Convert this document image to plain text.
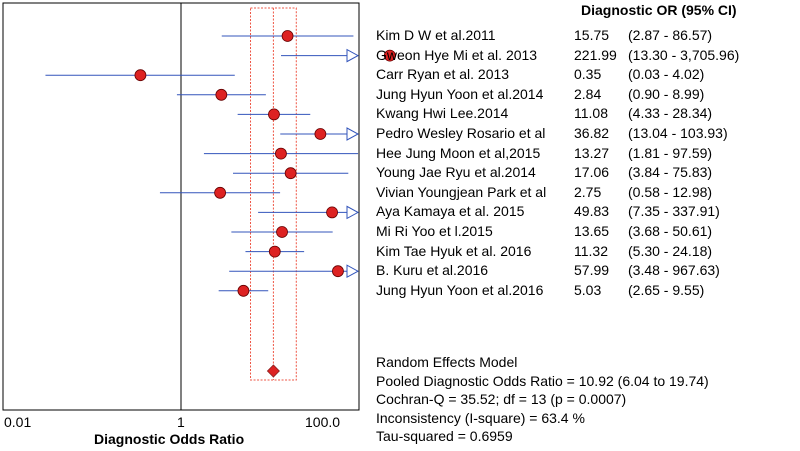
Diagnostic OR (95% CI)
Kim D W et al.2011	15.75 (2.87 - 86.57)
Gweon Hye Mi et al. 2013	221.99 (13.30 - 3,705.96)
Carr Ryan et al. 2013	0.35 (0.03 - 4.02)
Jung Hyun Yoon et al.2014 2.84 (0.90 - 8.99)
Kwang Hwi Lee.2014	11.08 (4.33 - 28.34)
Pedro Wesley Rosario et al 36.82 (13.04 - 103.93)
Hee Jung Moon et al,2015 13.27 (1.81 - 97.59)
Young Jae Ryu et al.2014	17.06 (3.84 - 75.83)
Vivian Youngjean Park et al 2.75 (0.58 - 12.98)
Aya Kamaya et al. 2015	49.83 (7.35 - 337.91)
Mi Ri Yoo et l.2015	13.65 (3.68 - 50.61)
Kim Tae Hyuk et al. 2016	11.32 (5.30 - 24.18)
B. Kuru et al.2016	57.99 (3.48 - 967.63)
Jung Hyun Yoon et al.2016 5.03 (2.65 - 9.55)
Random Effects Model
Pooled Diagnostic Odds Ratio = 10.92 (6.04 to 19.74)
Cochran-Q = 35.52; df = 13 (p = 0.0007)
Inconsistency (I-square) = 63.4 %
Tau-squared = 0.6959
0.01	1	100.0
Diagnostic Odds Ratio
